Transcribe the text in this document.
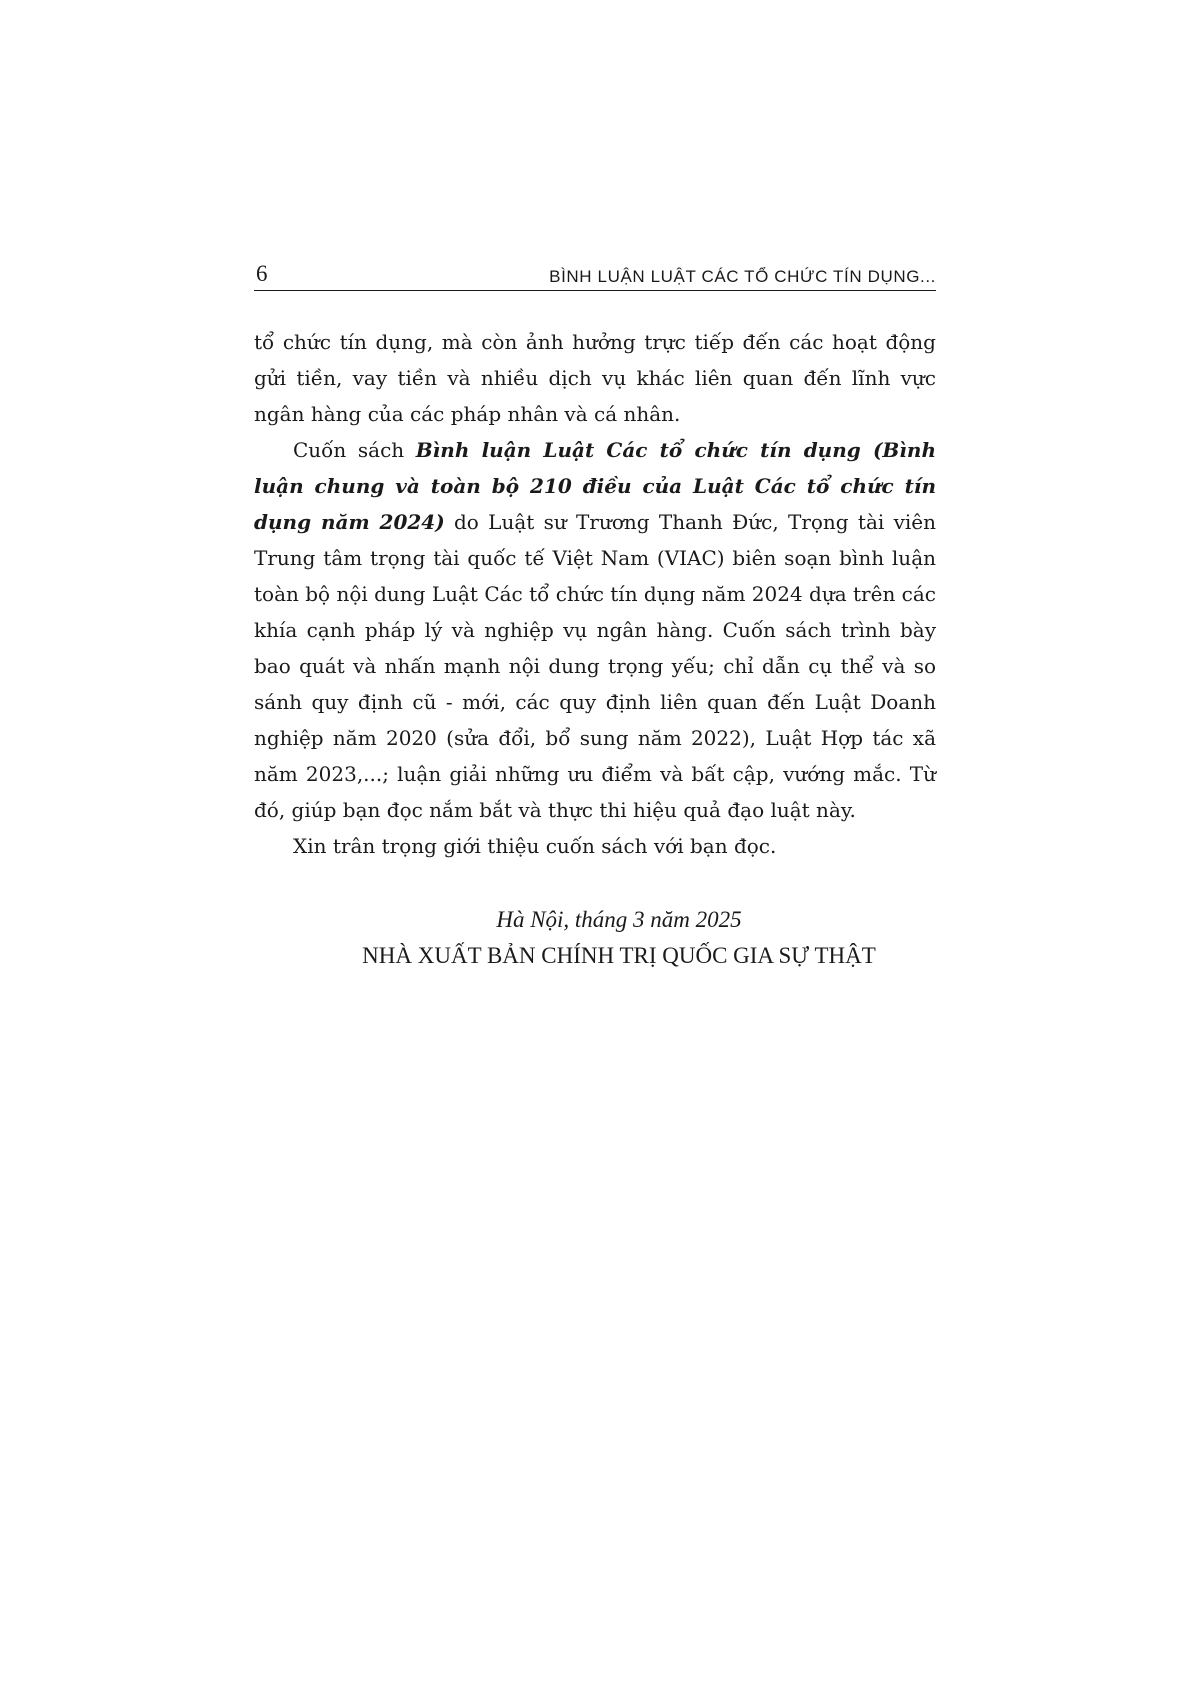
6	BÌNH LUẬN LUẬT CÁC TỔ CHỨC TÍN DỤNG...

tổ chức tín dụng, mà còn ảnh hưởng trực tiếp đến các hoạt động gửi tiền, vay tiền và nhiều dịch vụ khác liên quan đến lĩnh vực ngân hàng của các pháp nhân và cá nhân.

Cuốn sách Bình luận Luật Các tổ chức tín dụng (Bình luận chung và toàn bộ 210 điều của Luật Các tổ chức tín dụng năm 2024) do Luật sư Trương Thanh Đức, Trọng tài viên Trung tâm trọng tài quốc tế Việt Nam (VIAC) biên soạn bình luận toàn bộ nội dung Luật Các tổ chức tín dụng năm 2024 dựa trên các khía cạnh pháp lý và nghiệp vụ ngân hàng. Cuốn sách trình bày bao quát và nhấn mạnh nội dung trọng yếu; chỉ dẫn cụ thể và so sánh quy định cũ - mới, các quy định liên quan đến Luật Doanh nghiệp năm 2020 (sửa đổi, bổ sung năm 2022), Luật Hợp tác xã năm 2023,...; luận giải những ưu điểm và bất cập, vướng mắc. Từ đó, giúp bạn đọc nắm bắt và thực thi hiệu quả đạo luật này.

Xin trân trọng giới thiệu cuốn sách với bạn đọc.

Hà Nội, tháng 3 năm 2025
NHÀ XUẤT BẢN CHÍNH TRỊ QUỐC GIA SỰ THẬT
